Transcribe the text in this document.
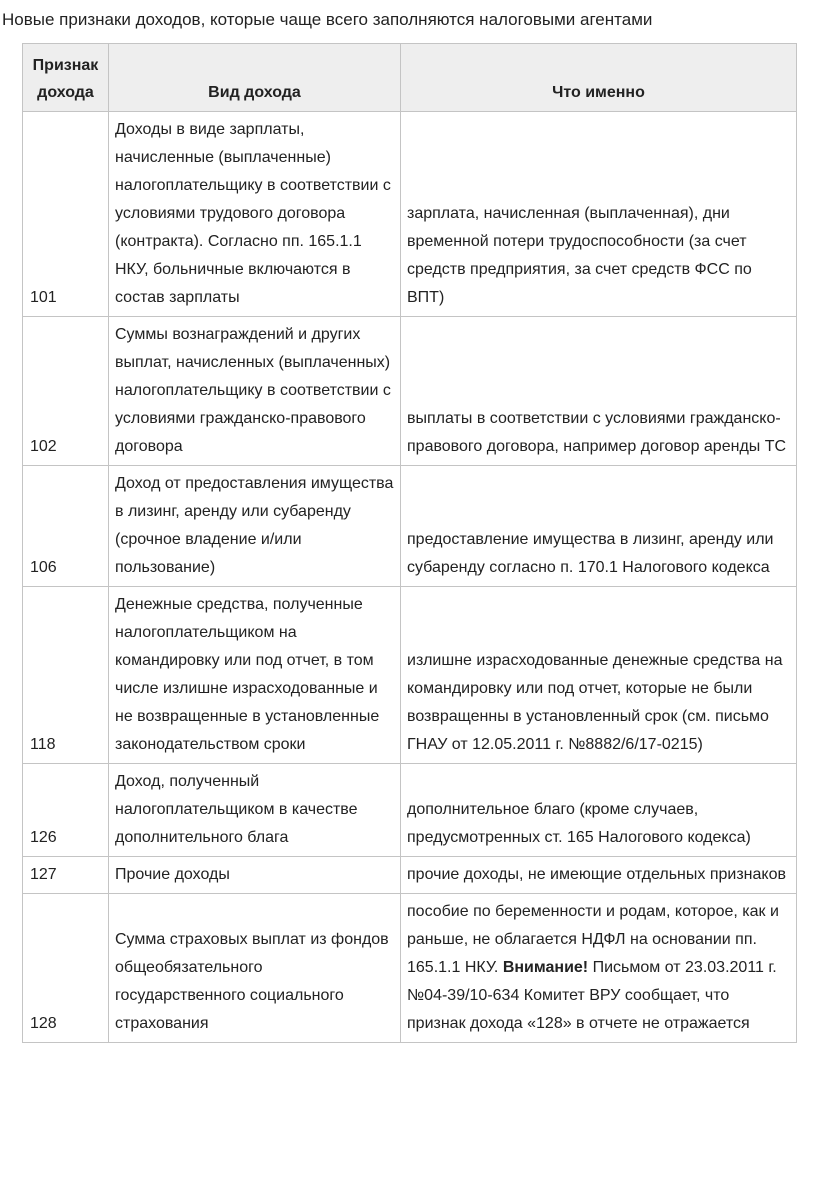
Новые признаки доходов, которые чаще всего заполняются налоговыми агентами
Признак дохода	Вид дохода	Что именно
101	Доходы в виде зарплаты, начисленные (выплаченные) налогоплательщику в соответствии с условиями трудового договора (контракта). Согласно пп. 165.1.1 НКУ, больничные включаются в состав зарплаты	зарплата, начисленная (выплаченная), дни временной потери трудоспособности (за счет средств предприятия, за счет средств ФСС по ВПТ)
102	Суммы вознаграждений и других выплат, начисленных (выплаченных) налогоплательщику в соответствии с условиями гражданско-правового договора	выплаты в соответствии с условиями гражданско-правового договора, например договор аренды ТС
106	Доход от предоставления имущества в лизинг, аренду или субаренду (срочное владение и/или пользование)	предоставление имущества в лизинг, аренду или субаренду согласно п. 170.1 Налогового кодекса
118	Денежные средства, полученные налогоплательщиком на командировку или под отчет, в том числе излишне израсходованные и не возвращенные в установленные законодательством сроки	излишне израсходованные денежные средства на командировку или под отчет, которые не были возвращенны в установленный срок (см. письмо ГНАУ от 12.05.2011 г. №8882/6/17-0215)
126	Доход, полученный налогоплательщиком в качестве дополнительного блага	дополнительное благо (кроме случаев, предусмотренных ст. 165 Налогового кодекса)
127	Прочие доходы	прочие доходы, не имеющие отдельных признаков
128	Сумма страховых выплат из фондов общеобязательного государственного социального страхования	пособие по беременности и родам, которое, как и раньше, не облагается НДФЛ на основании пп. 165.1.1 НКУ. Внимание! Письмом от 23.03.2011 г. №04-39/10-634 Комитет ВРУ сообщает, что признак дохода «128» в отчете не отражается
